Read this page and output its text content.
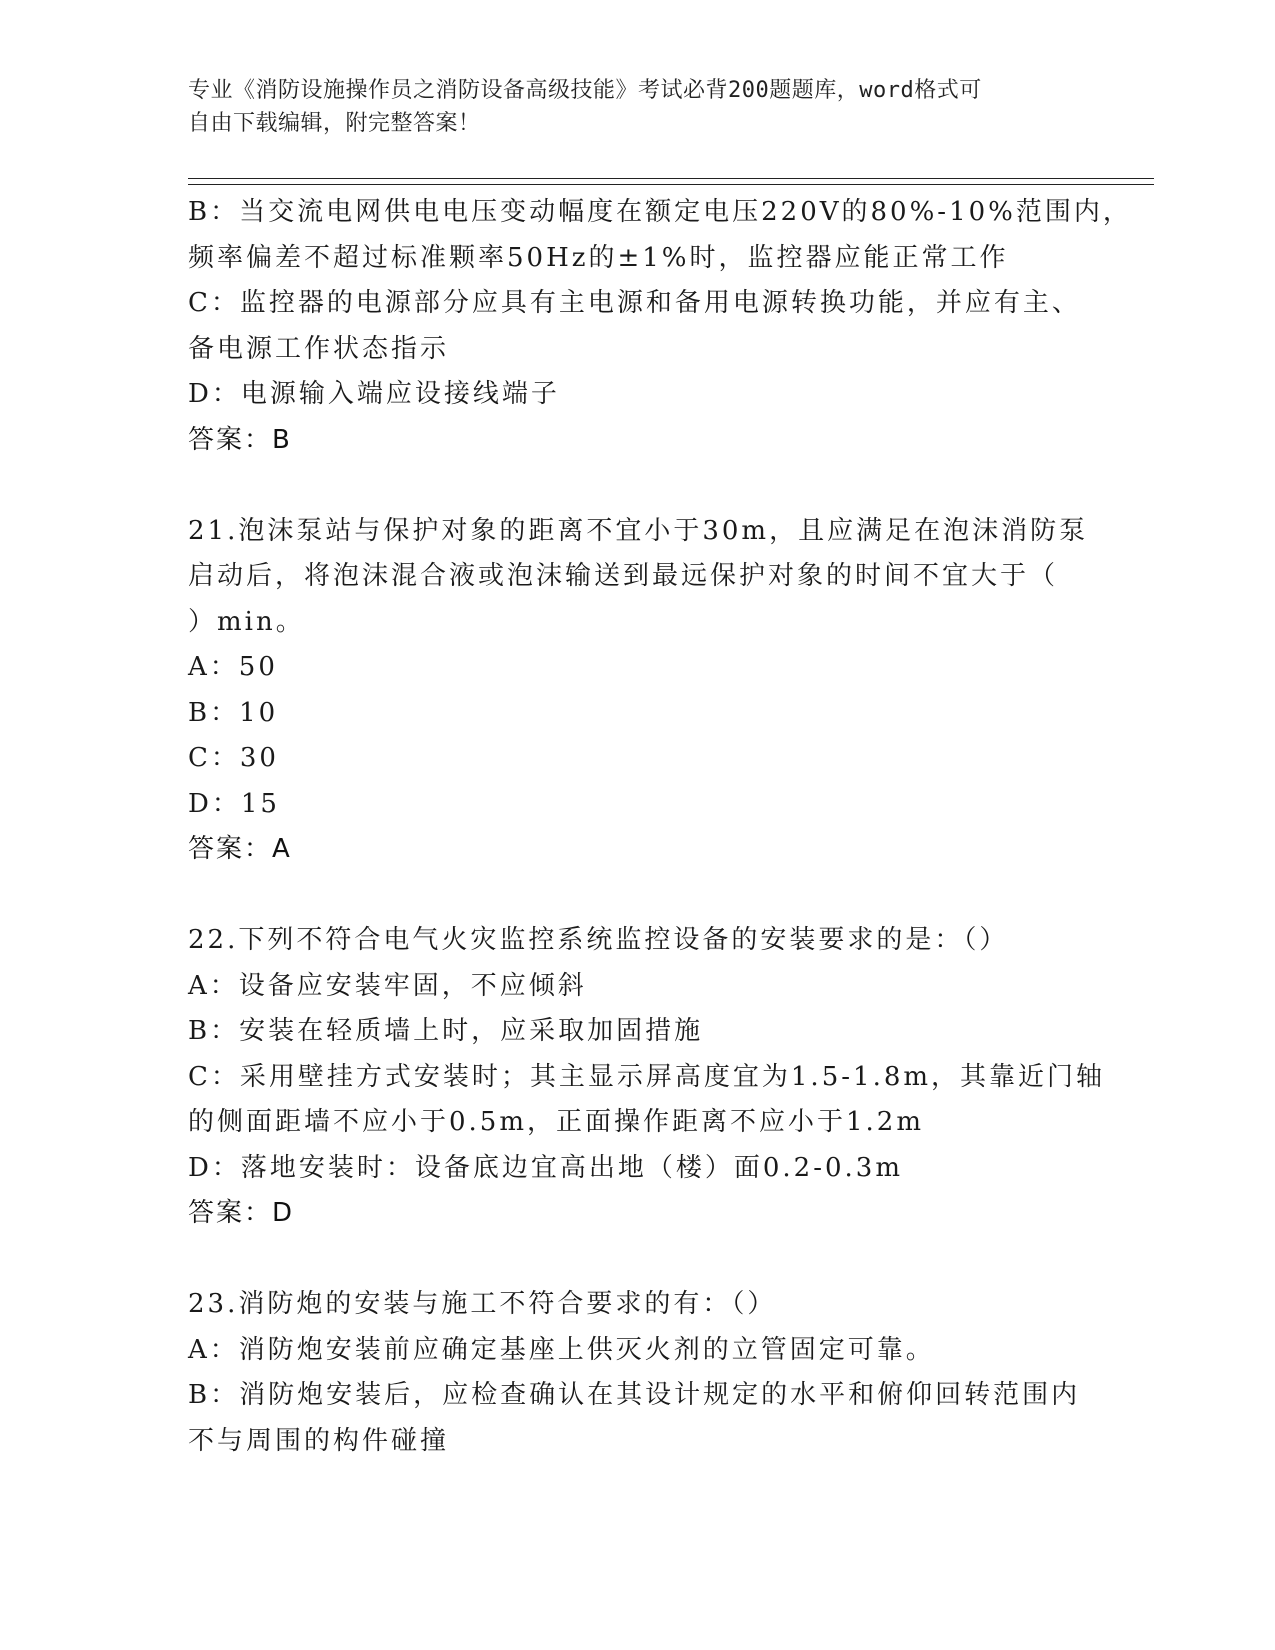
专业《消防设施操作员之消防设备高级技能》考试必背200题题库，word格式可
自由下载编辑，附完整答案！
B：当交流电网供电电压变动幅度在额定电压220V的80%-10%范围内，
频率偏差不超过标准颗率50Hz的±1%时，监控器应能正常工作
C：监控器的电源部分应具有主电源和备用电源转换功能，并应有主、
备电源工作状态指示
D：电源输入端应设接线端子
答案：B
21.泡沫泵站与保护对象的距离不宜小于30m，且应满足在泡沫消防泵
启动后，将泡沫混合液或泡沫输送到最远保护对象的时间不宜大于（
）min。
A：50
B：10
C：30
D：15
答案：A
22.下列不符合电气火灾监控系统监控设备的安装要求的是：（）
A：设备应安装牢固，不应倾斜
B：安装在轻质墙上时，应采取加固措施
C：采用壁挂方式安装时；其主显示屏高度宜为1.5-1.8m，其靠近门轴
的侧面距墙不应小于0.5m，正面操作距离不应小于1.2m
D：落地安装时：设备底边宜高出地（楼）面0.2-0.3m
答案：D
23.消防炮的安装与施工不符合要求的有：（）
A：消防炮安装前应确定基座上供灭火剂的立管固定可靠。
B：消防炮安装后，应检查确认在其设计规定的水平和俯仰回转范围内
不与周围的构件碰撞
